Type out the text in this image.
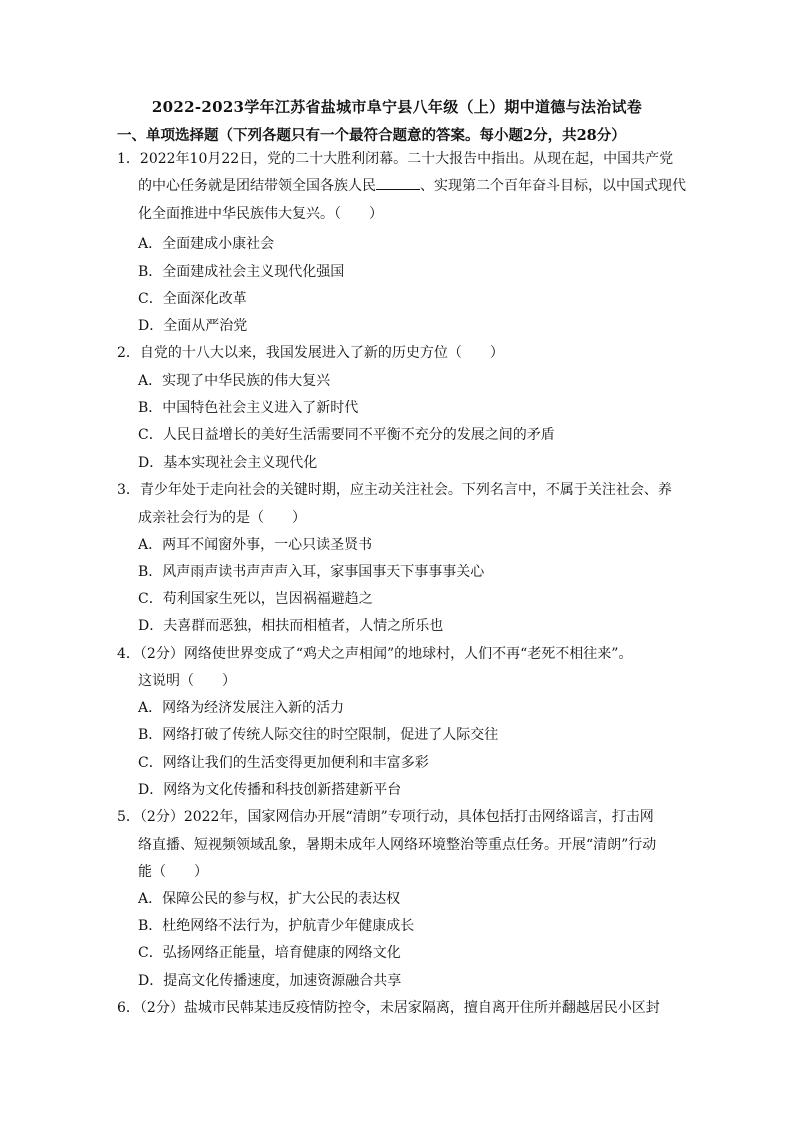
2022-2023学年江苏省盐城市阜宁县八年级（上）期中道德与法治试卷
一、单项选择题（下列各题只有一个最符合题意的答案。每小题2分，共28分）
1．2022年10月22日，党的二十大胜利闭幕。二十大报告中指出。从现在起，中国共产党
的中心任务就是团结带领全国各族人民	、实现第二个百年奋斗目标，以中国式现代
化全面推进中华民族伟大复兴。（　　）
A．全面建成小康社会
B．全面建成社会主义现代化强国
C．全面深化改革
D．全面从严治党
2．自党的十八大以来，我国发展进入了新的历史方位（　　）
A．实现了中华民族的伟大复兴
B．中国特色社会主义进入了新时代
C．人民日益增长的美好生活需要同不平衡不充分的发展之间的矛盾
D．基本实现社会主义现代化
3．青少年处于走向社会的关键时期，应主动关注社会。下列名言中，不属于关注社会、养
成亲社会行为的是（　　）
A．两耳不闻窗外事，一心只读圣贤书
B．风声雨声读书声声声入耳，家事国事天下事事事关心
C．苟利国家生死以，岂因祸福避趋之
D．夫喜群而恶独，相扶而相植者，人情之所乐也
4．（2分）网络使世界变成了“鸡犬之声相闻”的地球村，人们不再“老死不相往来”。
这说明（　　）
A．网络为经济发展注入新的活力
B．网络打破了传统人际交往的时空限制，促进了人际交往
C．网络让我们的生活变得更加便利和丰富多彩
D．网络为文化传播和科技创新搭建新平台
5．（2分）2022年，国家网信办开展“清朗”专项行动，具体包括打击网络谣言，打击网
络直播、短视频领域乱象，暑期未成年人网络环境整治等重点任务。开展“清朗”行动
能（　　）
A．保障公民的参与权，扩大公民的表达权
B．杜绝网络不法行为，护航青少年健康成长
C．弘扬网络正能量，培育健康的网络文化
D．提高文化传播速度，加速资源融合共享
6．（2分）盐城市民韩某违反疫情防控令，未居家隔离，擅自离开住所并翻越居民小区封
